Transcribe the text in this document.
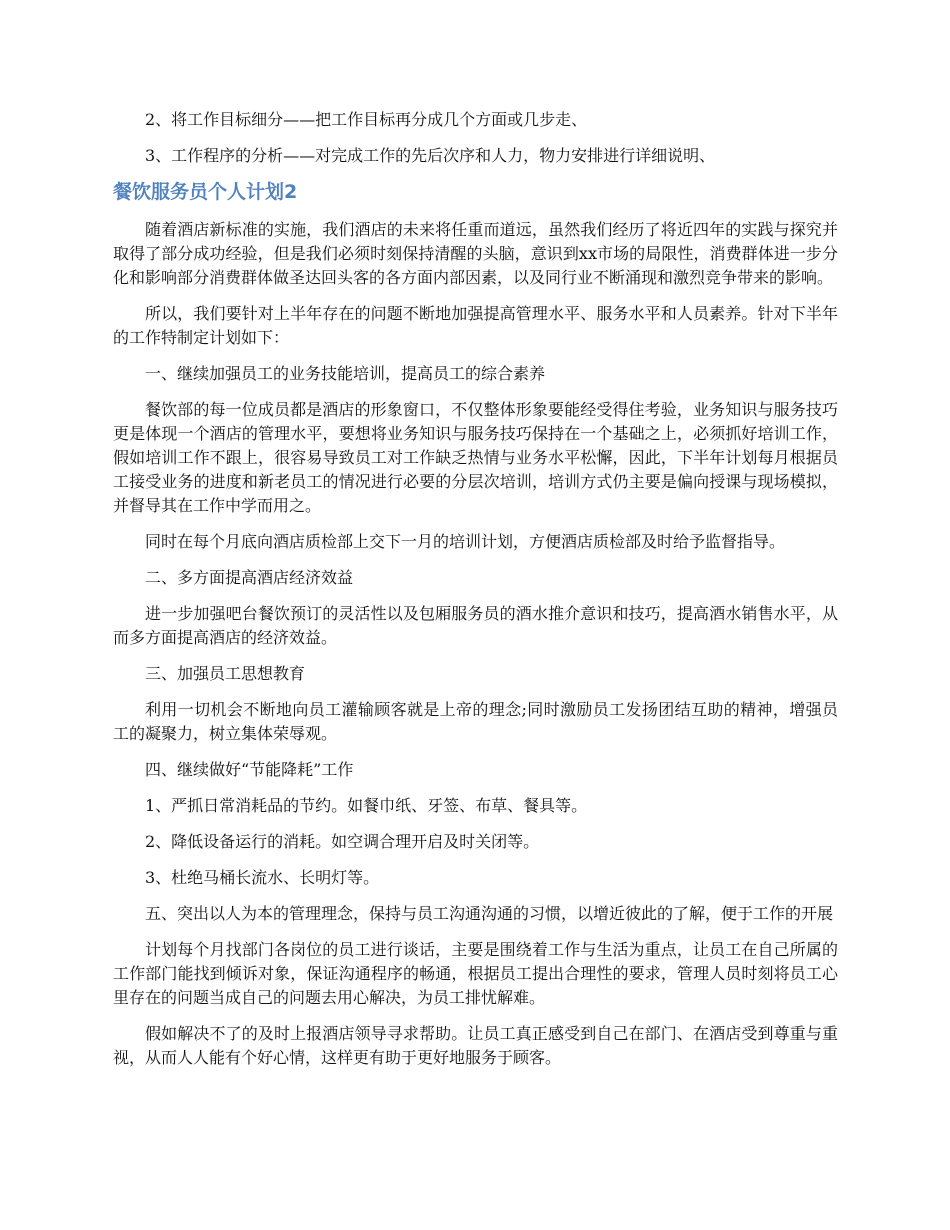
2、将工作目标细分——把工作目标再分成几个方面或几步走、

3、工作程序的分析——对完成工作的先后次序和人力，物力安排进行详细说明、

餐饮服务员个人计划2

随着酒店新标准的实施，我们酒店的未来将任重而道远，虽然我们经历了将近四年的实践与探究并取得了部分成功经验，但是我们必须时刻保持清醒的头脑，意识到xx市场的局限性，消费群体进一步分化和影响部分消费群体做圣达回头客的各方面内部因素，以及同行业不断涌现和激烈竞争带来的影响。

所以，我们要针对上半年存在的问题不断地加强提高管理水平、服务水平和人员素养。针对下半年的工作特制定计划如下：

一、继续加强员工的业务技能培训，提高员工的综合素养

餐饮部的每一位成员都是酒店的形象窗口，不仅整体形象要能经受得住考验，业务知识与服务技巧更是体现一个酒店的管理水平，要想将业务知识与服务技巧保持在一个基础之上，必须抓好培训工作，假如培训工作不跟上，很容易导致员工对工作缺乏热情与业务水平松懈，因此，下半年计划每月根据员工接受业务的进度和新老员工的情况进行必要的分层次培训，培训方式仍主要是偏向授课与现场模拟，并督导其在工作中学而用之。

同时在每个月底向酒店质检部上交下一月的培训计划，方便酒店质检部及时给予监督指导。

二、多方面提高酒店经济效益

进一步加强吧台餐饮预订的灵活性以及包厢服务员的酒水推介意识和技巧，提高酒水销售水平，从而多方面提高酒店的经济效益。

三、加强员工思想教育

利用一切机会不断地向员工灌输顾客就是上帝的理念;同时激励员工发扬团结互助的精神，增强员工的凝聚力，树立集体荣辱观。

四、继续做好“节能降耗”工作

1、严抓日常消耗品的节约。如餐巾纸、牙签、布草、餐具等。

2、降低设备运行的消耗。如空调合理开启及时关闭等。

3、杜绝马桶长流水、长明灯等。

五、突出以人为本的管理理念，保持与员工沟通沟通的习惯，以增近彼此的了解，便于工作的开展

计划每个月找部门各岗位的员工进行谈话，主要是围绕着工作与生活为重点，让员工在自己所属的工作部门能找到倾诉对象，保证沟通程序的畅通，根据员工提出合理性的要求，管理人员时刻将员工心里存在的问题当成自己的问题去用心解决，为员工排忧解难。

假如解决不了的及时上报酒店领导寻求帮助。让员工真正感受到自己在部门、在酒店受到尊重与重视，从而人人能有个好心情，这样更有助于更好地服务于顾客。
